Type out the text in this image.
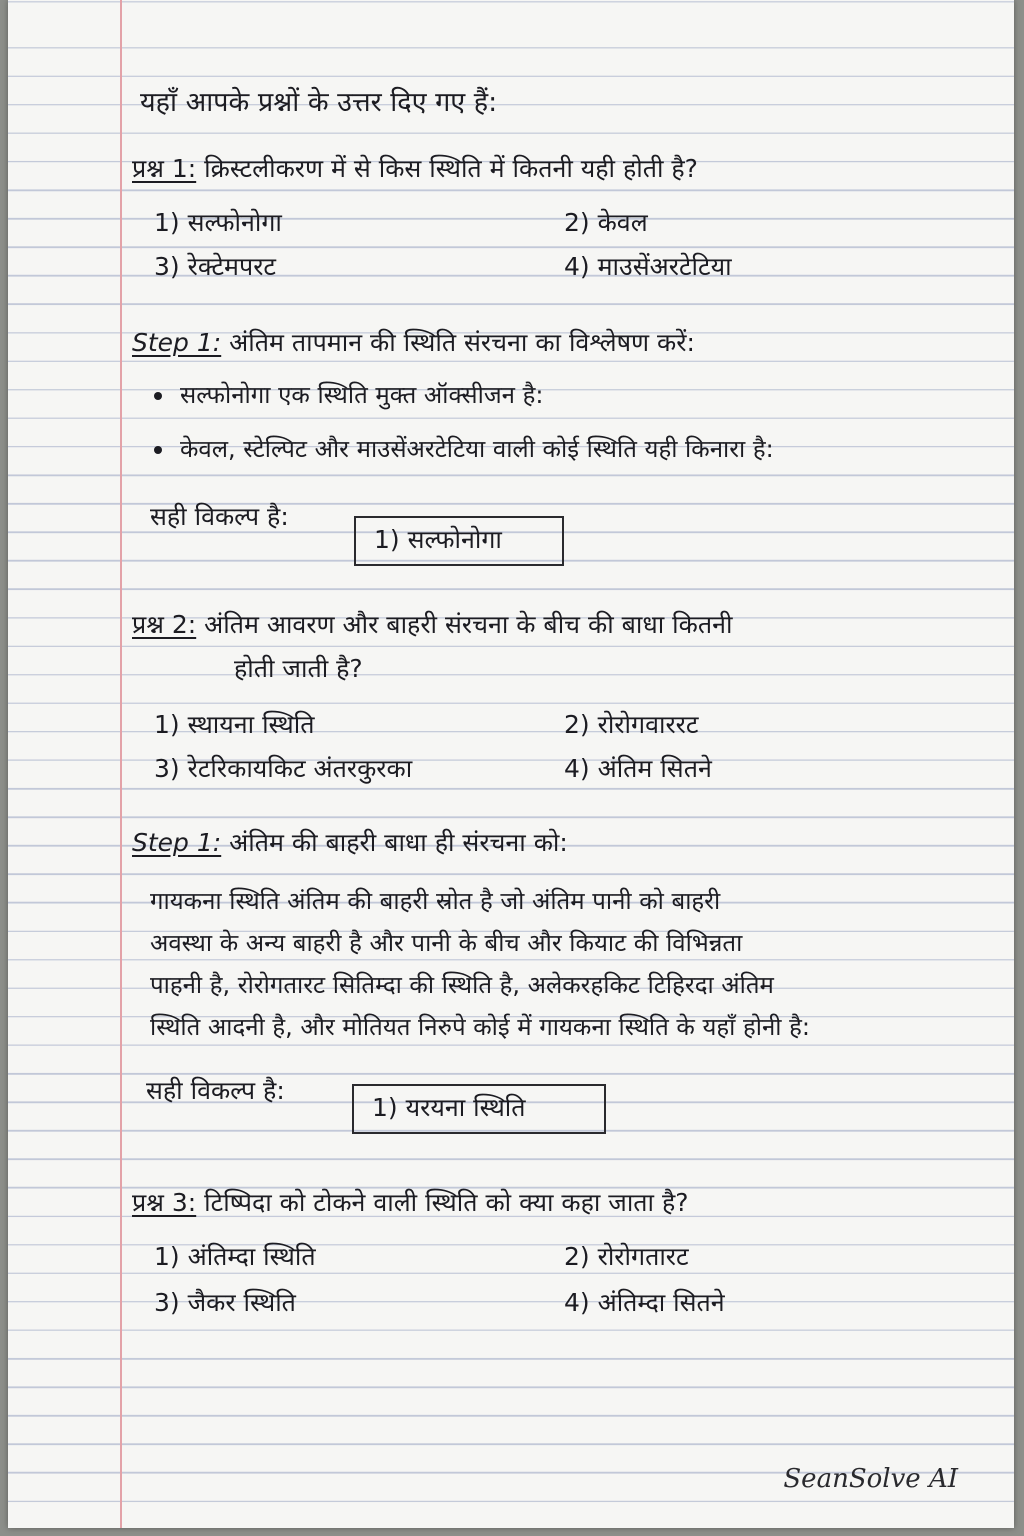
यहाँ आपके प्रश्नों के उत्तर दिए गए हैं:
प्रश्न 1: क्रिस्टलीकरण में से किस स्थिति में कितनी यही होती है?
1) सल्फोनोगा	2) केवल
3) रेक्टेमपरट	4) माउसेंअरटेटिया
Step 1: अंतिम तापमान की स्थिति संरचना का विश्लेषण करें:
सल्फोनोगा एक स्थिति मुक्त ऑक्सीजन है:
केवल, स्टेल्पिट और माउसेंअरटेटिया वाली कोई स्थिति यही किनारा है:
सही विकल्प है:
1) सल्फोनोगा
प्रश्न 2: अंतिम आवरण और बाहरी संरचना के बीच की बाधा कितनी
होती जाती है?
1) स्थायना स्थिति	2) रोरोगवाररट
3) रेटरिकायकिट अंतरकुरका	4) अंतिम सितने
Step 1: अंतिम की बाहरी बाधा ही संरचना को:
गायकना स्थिति अंतिम की बाहरी स्रोत है जो अंतिम पानी को बाहरी
अवस्था के अन्य बाहरी है और पानी के बीच और कियाट की विभिन्नता
पाहनी है, रोरोगतारट सितिम्दा की स्थिति है, अलेकरहकिट टिहिरदा अंतिम
स्थिति आदनी है, और मोतियत निरुपे कोई में गायकना स्थिति के यहाँ होनी है:
सही विकल्प है:
1) यरयना स्थिति
प्रश्न 3: टिष्पिदा को टोकने वाली स्थिति को क्या कहा जाता है?
1) अंतिम्दा स्थिति	2) रोरोगतारट
3) जैकर स्थिति	4) अंतिम्दा सितने
SeanSolve AI
